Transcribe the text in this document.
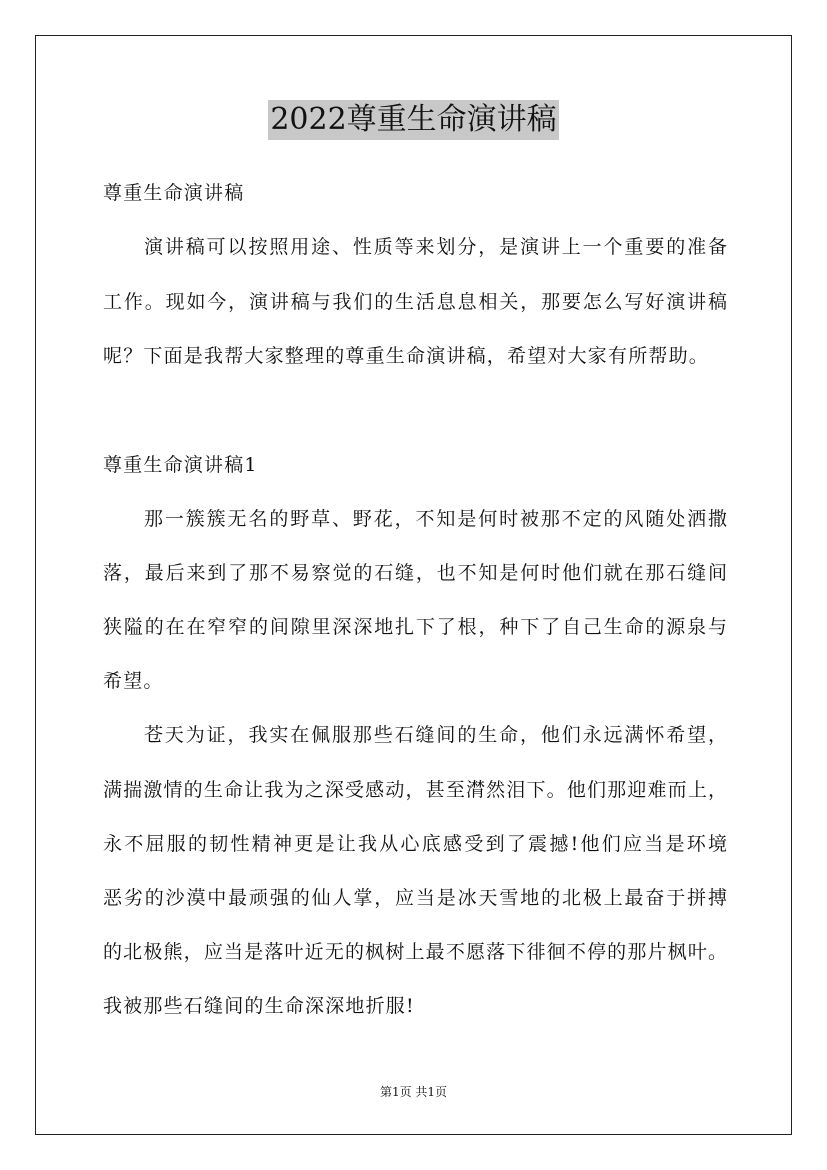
2022尊重生命演讲稿
尊重生命演讲稿
演讲稿可以按照用途、性质等来划分，是演讲上一个重要的准备
工作。现如今，演讲稿与我们的生活息息相关，那要怎么写好演讲稿
呢？下面是我帮大家整理的尊重生命演讲稿，希望对大家有所帮助。
尊重生命演讲稿1
那一簇簇无名的野草、野花，不知是何时被那不定的风随处洒撒
落，最后来到了那不易察觉的石缝，也不知是何时他们就在那石缝间
狭隘的在在窄窄的间隙里深深地扎下了根，种下了自己生命的源泉与
希望。
苍天为证，我实在佩服那些石缝间的生命，他们永远满怀希望，
满揣激情的生命让我为之深受感动，甚至潸然泪下。他们那迎难而上，
永不屈服的韧性精神更是让我从心底感受到了震撼!他们应当是环境
恶劣的沙漠中最顽强的仙人掌，应当是冰天雪地的北极上最奋于拼搏
的北极熊，应当是落叶近无的枫树上最不愿落下徘徊不停的那片枫叶。
我被那些石缝间的生命深深地折服!
第1页 共1页
